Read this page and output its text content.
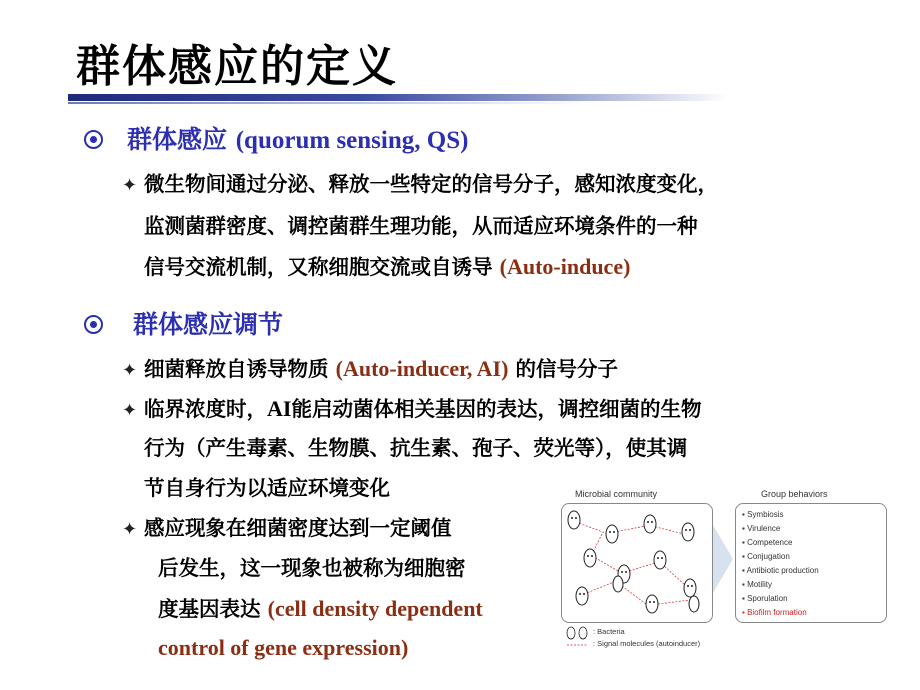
群体感应的定义
群体感应 (quorum sensing, QS)
✦ 微生物间通过分泌、释放一些特定的信号分子，感知浓度变化，
监测菌群密度、调控菌群生理功能，从而适应环境条件的一种
信号交流机制，又称细胞交流或自诱导 (Auto-induce)
群体感应调节
✦ 细菌释放自诱导物质 (Auto-inducer, AI) 的信号分子
✦ 临界浓度时，AI能启动菌体相关基因的表达，调控细菌的生物
行为（产生毒素、生物膜、抗生素、孢子、荧光等），使其调
节自身行为以适应环境变化
✦ 感应现象在细菌密度达到一定阈值
后发生，这一现象也被称为细胞密
度基因表达 (cell density dependent
control of gene expression)
Microbial community	Group behaviors
▪ Symbiosis
▪ Virulence
▪ Competence
▪ Conjugation
▪ Antibiotic production
▪ Motility
▪ Sporulation
▪ Biofilm formation
: Bacteria
: Signal molecules (autoinducer)
